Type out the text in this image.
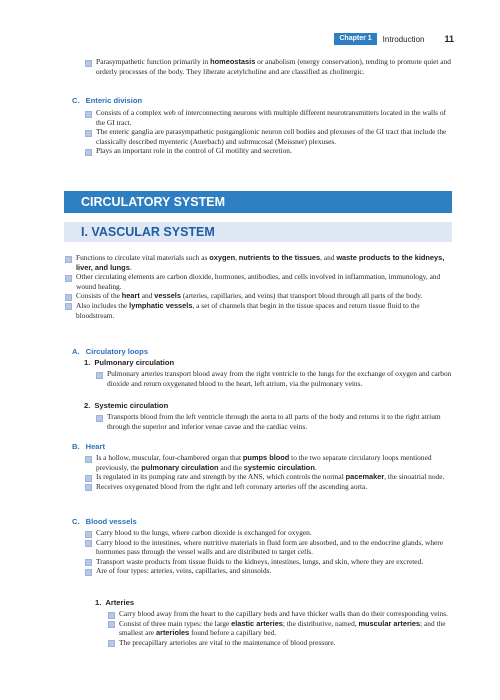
Chapter 1	Introduction 11

Parasympathetic function primarily in homeostasis or anabolism (energy conservation), tending to promote quiet and orderly processes of the body. They liberate acetylcholine and are classified as cholinergic.

C. Enteric division

Consists of a complex web of interconnecting neurons with multiple different neurotransmitters located in the walls of the GI tract.

The enteric ganglia are parasympathetic postganglionic neuron cell bodies and plexuses of the GI tract that include the classically described myenteric (Auerbach) and submucosal (Meissner) plexuses.

Plays an important role in the control of GI motility and secretion.

CIRCULATORY SYSTEM
I. VASCULAR SYSTEM

Functions to circulate vital materials such as oxygen, nutrients to the tissues, and waste products to the kidneys, liver, and lungs.

Other circulating elements are carbon dioxide, hormones, antibodies, and cells involved in inflammation, immunology, and wound healing.

Consists of the heart and vessels (arteries, capillaries, and veins) that transport blood through all parts of the body.

Also includes the lymphatic vessels, a set of channels that begin in the tissue spaces and return tissue fluid to the bloodstream.

A. Circulatory loops

1. Pulmonary circulation

Pulmonary arteries transport blood away from the right ventricle to the lungs for the exchange of oxygen and carbon dioxide and return oxygenated blood to the heart, left atrium, via the pulmonary veins.

2. Systemic circulation

Transports blood from the left ventricle through the aorta to all parts of the body and returns it to the right atrium through the superior and inferior venae cavae and the cardiac veins.

B. Heart

Is a hollow, muscular, four-chambered organ that pumps blood to the two separate circulatory loops mentioned previously, the pulmonary circulation and the systemic circulation.

Is regulated in its pumping rate and strength by the ANS, which controls the normal pacemaker, the sinoatrial node.

Receives oxygenated blood from the right and left coronary arteries off the ascending aorta.

C. Blood vessels

Carry blood to the lungs, where carbon dioxide is exchanged for oxygen.

Carry blood to the intestines, where nutritive materials in fluid form are absorbed, and to the endocrine glands, where hormones pass through the vessel walls and are distributed to target cells.

Transport waste products from tissue fluids to the kidneys, intestines, lungs, and skin, where they are excreted.

Are of four types: arteries, veins, capillaries, and sinusoids.

1. Arteries

Carry blood away from the heart to the capillary beds and have thicker walls than do their corresponding veins.

Consist of three main types: the large elastic arteries; the distributive, named, muscular arteries; and the smallest are arterioles found before a capillary bed.

The precapillary arterioles are vital to the maintenance of blood pressure.
